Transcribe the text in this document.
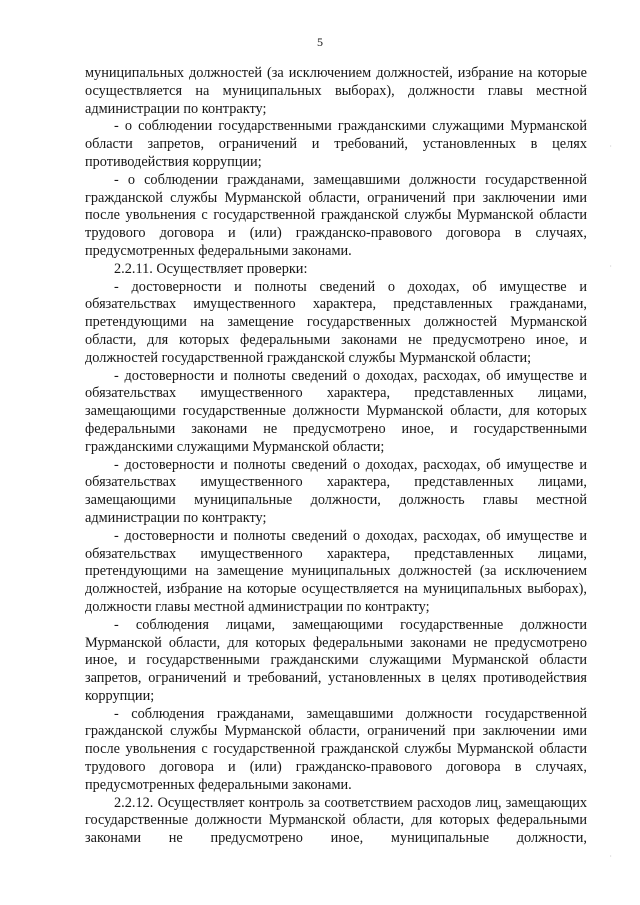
5

муниципальных должностей (за исключением должностей, избрание на которые осуществляется на муниципальных выборах), должности главы местной администрации по контракту;

- о соблюдении государственными гражданскими служащими Мурманской области запретов, ограничений и требований, установленных в целях противодействия коррупции;

- о соблюдении гражданами, замещавшими должности государственной гражданской службы Мурманской области, ограничений при заключении ими после увольнения с государственной гражданской службы Мурманской области трудового договора и (или) гражданско-правового договора в случаях, предусмотренных федеральными законами.

2.2.11. Осуществляет проверки:

- достоверности и полноты сведений о доходах, об имуществе и обязательствах имущественного характера, представленных гражданами, претендующими на замещение государственных должностей Мурманской области, для которых федеральными законами не предусмотрено иное, и должностей государственной гражданской службы Мурманской области;

- достоверности и полноты сведений о доходах, расходах, об имуществе и обязательствах имущественного характера, представленных лицами, замещающими государственные должности Мурманской области, для которых федеральными законами не предусмотрено иное, и государственными гражданскими служащими Мурманской области;

- достоверности и полноты сведений о доходах, расходах, об имуществе и обязательствах имущественного характера, представленных лицами, замещающими муниципальные должности, должность главы местной администрации по контракту;

- достоверности и полноты сведений о доходах, расходах, об имуществе и обязательствах имущественного характера, представленных лицами, претендующими на замещение муниципальных должностей (за исключением должностей, избрание на которые осуществляется на муниципальных выборах), должности главы местной администрации по контракту;

- соблюдения лицами, замещающими государственные должности Мурманской области, для которых федеральными законами не предусмотрено иное, и государственными гражданскими служащими Мурманской области запретов, ограничений и требований, установленных в целях противодействия коррупции;

- соблюдения гражданами, замещавшими должности государственной гражданской службы Мурманской области, ограничений при заключении ими после увольнения с государственной гражданской службы Мурманской области трудового договора и (или) гражданско-правового договора в случаях, предусмотренных федеральными законами.

2.2.12. Осуществляет контроль за соответствием расходов лиц, замещающих государственные должности Мурманской области, для которых федеральными законами не предусмотрено иное, муниципальные должности,

·
·
·
